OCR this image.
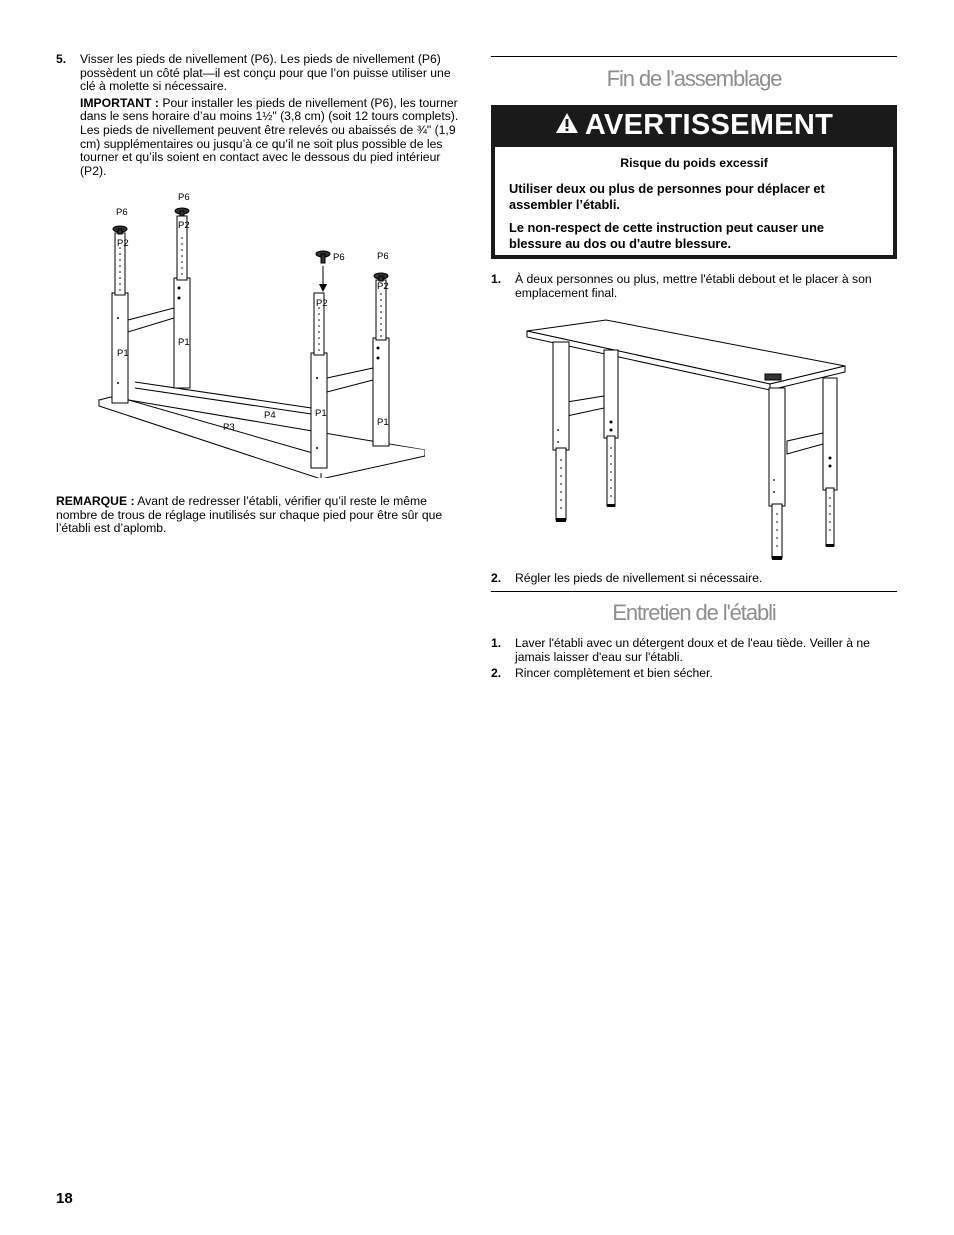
5. Visser les pieds de nivellement (P6). Les pieds de nivellement (P6) possèdent un côté plat—il est conçu pour que l’on puisse utiliser une clé à molette si nécessaire.

IMPORTANT : Pour installer les pieds de nivellement (P6), les tourner dans le sens horaire d’au moins 1½" (3,8 cm) (soit 12 tours complets). Les pieds de nivellement peuvent être relevés ou abaissés de ¾" (1,9 cm) supplémentaires ou jusqu’à ce qu’il ne soit plus possible de les tourner et qu’ils soient en contact avec le dessous du pied intérieur (P2).

P6
P6
P6	P6
P2
P2
P2
P2
P1
P1
P1
P1
P4
P3
REMARQUE : Avant de redresser l’établi, vérifier qu’il reste le même nombre de trous de réglage inutilisés sur chaque pied pour être sûr que l’établi est d’aplomb.
Fin de l’assemblage
AVERTISSEMENT

Risque du poids excessif

Utiliser deux ou plus de personnes pour déplacer et assembler l’établi.

Le non-respect de cette instruction peut causer une blessure au dos ou d'autre blessure.

1. À deux personnes ou plus, mettre l'établi debout et le placer à son emplacement final.

2. Régler les pieds de nivellement si nécessaire.

Entretien de l'établi
1. Laver l'établi avec un détergent doux et de l'eau tiède. Veiller à ne jamais laisser d'eau sur l'établi.

2. Rincer complètement et bien sécher.

18
